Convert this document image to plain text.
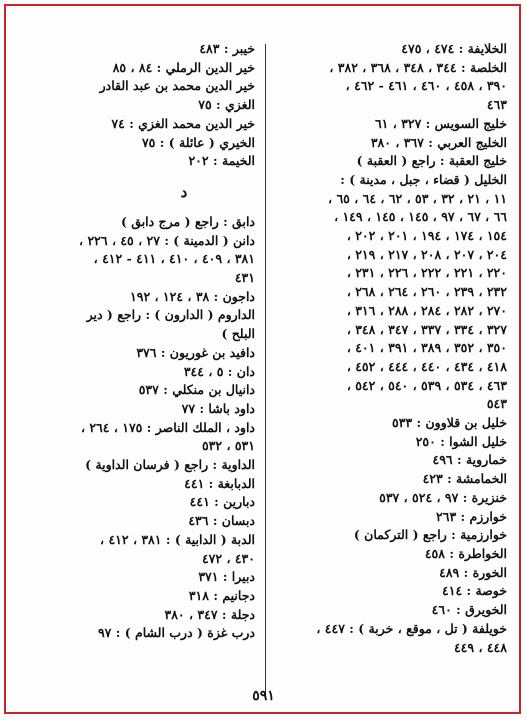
الخلايفة : ٤٧٤ ، ٤٧٥
الخلصة : ٣٤٤ ، ٣٤٨ ، ٣٦٨ ، ٣٨٢ ،
٣٩٠ ، ٤٥٨ ، ٤٦٠ ، ٤٦١ - ٤٦٢ ،
٤٦٣
خليج السويس : ٣٢٧ ، ٦١
الخليج العربي : ٣٦٧ ، ٣٨٠
خليج العقبة : راجع ( العقبة )
الخليل ( قضاء ، جبل ، مدينة ) :
١١ ، ٢١ ، ٣٢ ، ٥٣ ، ٦٢ ، ٦٤ ، ٦٥ ،
٦٦ ، ٦٧ ، ٩٧ ، ١٤٥ ، ١٤٥ ، ١٤٩ ،
١٥٤ ، ١٧٤ ، ١٩٤ ، ٢٠١ ، ٢٠٢ ،
٢٠٤ ، ٢٠٧ ، ٢٠٨ ، ٢١٧ ، ٢١٩ ،
٢٢٠ ، ٢٢١ ، ٢٢٢ ، ٢٢٦ ، ٢٣١ ،
٢٣٢ ، ٢٣٩ ، ٢٦٠ ، ٢٦٤ ، ٢٦٨ ،
٢٧٠ ، ٢٨٢ ، ٢٨٤ ، ٢٨٨ ، ٣١٦ ،
٣٢٧ ، ٣٣٤ ، ٣٣٧ ، ٣٤٧ ، ٣٤٨ ،
٣٥٠ ، ٣٥٢ ، ٣٨٩ ، ٣٩١ ، ٤٠١ ،
٤١٨ ، ٤٣٤ ، ٤٤٠ ، ٤٤٤ ، ٤٥٢ ،
٤٦٣ ، ٥٣٤ ، ٥٣٩ ، ٥٤٠ ، ٥٤٢ ،
٥٤٣
خليل بن قلاوون : ٥٣٣
خليل الشوا : ٢٥٠
خماروية : ٤٩٦
الخمامشة : ٤٢٣
خنزيرة : ٩٧ ، ٥٢٤ ، ٥٣٧
خوارزم : ٢٦٣
خوارزمية : راجع ( التركمان )
الخواطرة : ٤٥٨
الخورة : ٤٨٩
خوصة : ٤١٤
الخويرق : ٤٦٠
خويلفة ( تل ، موقع ، خربة ) : ٤٤٧ ،
٤٤٨ ، ٤٤٩
خيبر : ٤٨٣
خير الدين الرملي : ٨٤ ، ٨٥
خير الدين محمد بن عبد القادر
الغزي : ٧٥
خير الدين محمد الغزي : ٧٤
الخيري ( عائلة ) : ٧٥
الخيمة : ٢٠٢
د
دابق : راجع ( مرج دابق )
دانن ( الدمينة ) : ٢٧ ، ٤٥ ، ٢٢٦ ،
٣٨١ ، ٤٠٩ ، ٤١٠ ، ٤١١ - ٤١٢ ،
٤٣١
داجون : ٣٨ ، ١٢٤ ، ١٩٢
الداروم ( الدارون ) : راجع ( دير
البلح )
دافيد بن غوريون : ٣٧٦
دان : ٥ ، ٣٤٤
دانيال بن منكلي : ٥٣٧
داود باشا : ٧٧
داود ، الملك الناصر : ١٧٥ ، ٢٦٤ ،
٥٣١ ، ٥٣٢
الداوية : راجع ( فرسان الداوية )
الدبابغة : ٤٤١
دبارين : ٤٤١
دبسان : ٤٣٦
الدبة ( الدابية ) : ٣٨١ ، ٤١٢ ،
٤٣٠ ، ٤٧٢
دبيرا : ٣٧١
دجانيم : ٣١٨
دجلة : ٣٤٧ ، ٣٨٠
درب غزة ( درب الشام ) : ٩٧
٥٩١
